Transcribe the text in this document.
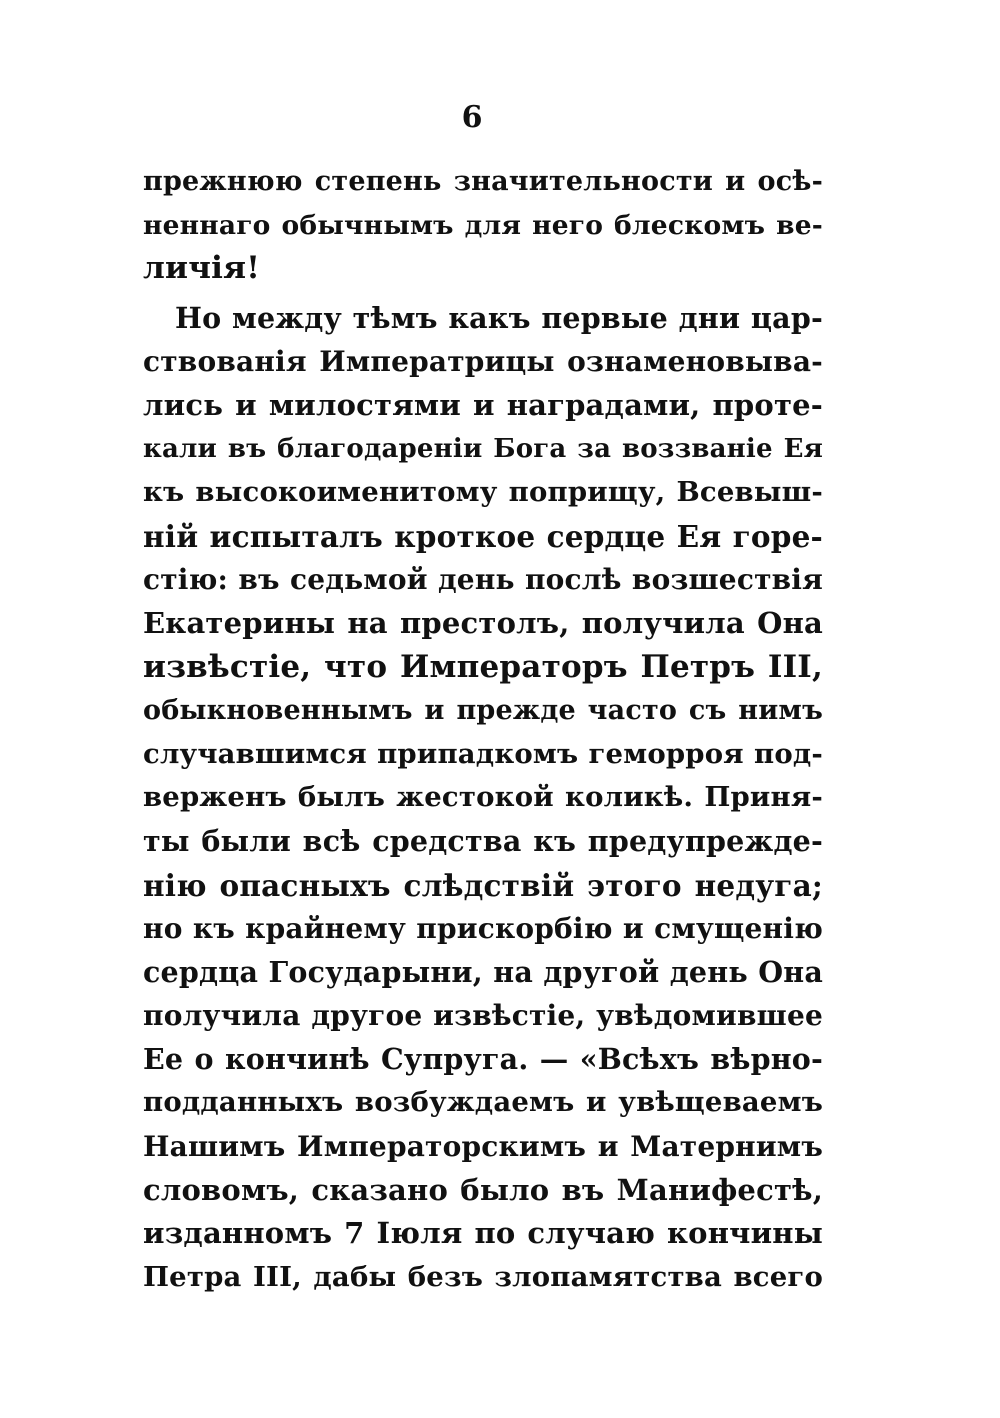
6
прежнюю степень значительности и осѣ-
неннаго обычнымъ для него блескомъ ве-
личія!
Но между тѣмъ какъ первые дни цар-
ствованія Императрицы ознаменовыва-
лись и милостями и наградами, проте-
кали въ благодареніи Бога за воззваніе Ея
къ высокоименитому поприщу, Всевыш-
ній испыталъ кроткое сердце Ея горе-
стію: въ седьмой день послѣ возшествія
Екатерины на престолъ, получила Она
извѣстіе, что Императоръ Петръ III,
обыкновеннымъ и прежде часто съ нимъ
случавшимся припадкомъ геморроя под-
верженъ былъ жестокой коликѣ. Приня-
ты были всѣ средства къ предупрежде-
нію опасныхъ слѣдствій этого недуга;
но къ крайнему прискорбію и смущенію
сердца Государыни, на другой день Она
получила другое извѣстіе, увѣдомившее
Ее о кончинѣ Супруга. — «Всѣхъ вѣрно-
подданныхъ возбуждаемъ и увѣщеваемъ
Нашимъ Императорскимъ и Матернимъ
словомъ, сказано было въ Манифестѣ,
изданномъ 7 Іюля по случаю кончины
Петра III, дабы безъ злопамятства всего
